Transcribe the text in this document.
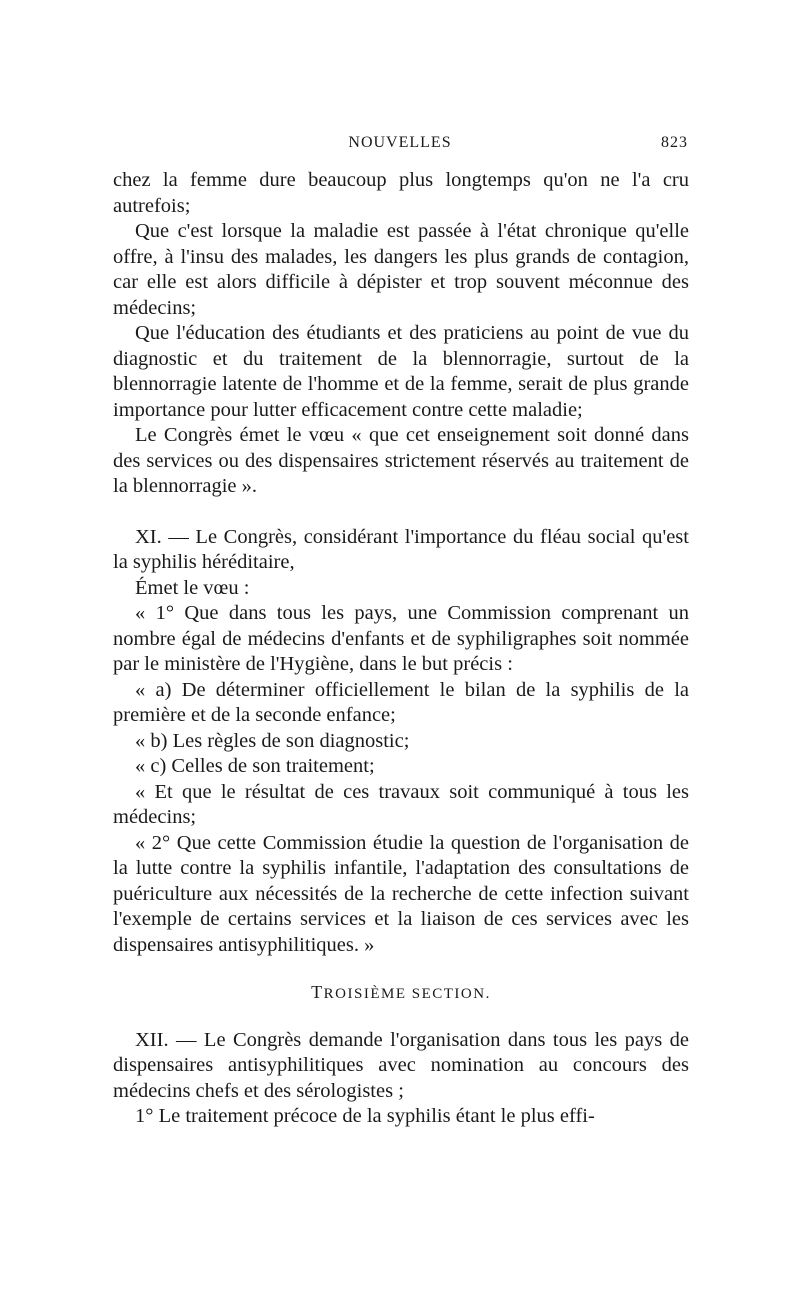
NOUVELLES	823

chez la femme dure beaucoup plus longtemps qu'on ne l'a cru autrefois;

Que c'est lorsque la maladie est passée à l'état chronique qu'elle offre, à l'insu des malades, les dangers les plus grands de contagion, car elle est alors difficile à dépister et trop souvent méconnue des médecins;

Que l'éducation des étudiants et des praticiens au point de vue du diagnostic et du traitement de la blennorragie, surtout de la blennorragie latente de l'homme et de la femme, serait de plus grande importance pour lutter efficacement contre cette maladie;

Le Congrès émet le vœu « que cet enseignement soit donné dans des services ou des dispensaires strictement réservés au traitement de la blennorragie ».

XI. — Le Congrès, considérant l'importance du fléau social qu'est la syphilis héréditaire,

Émet le vœu :

« 1° Que dans tous les pays, une Commission comprenant un nombre égal de médecins d'enfants et de syphiligraphes soit nommée par le ministère de l'Hygiène, dans le but précis :

« a) De déterminer officiellement le bilan de la syphilis de la première et de la seconde enfance;

« b) Les règles de son diagnostic;

« c) Celles de son traitement;

« Et que le résultat de ces travaux soit communiqué à tous les médecins;

« 2° Que cette Commission étudie la question de l'organisation de la lutte contre la syphilis infantile, l'adaptation des consultations de puériculture aux nécessités de la recherche de cette infection suivant l'exemple de certains services et la liaison de ces services avec les dispensaires antisyphilitiques. »

TROISIÈME SECTION.

XII. — Le Congrès demande l'organisation dans tous les pays de dispensaires antisyphilitiques avec nomination au concours des médecins chefs et des sérologistes ;

1° Le traitement précoce de la syphilis étant le plus effi-
